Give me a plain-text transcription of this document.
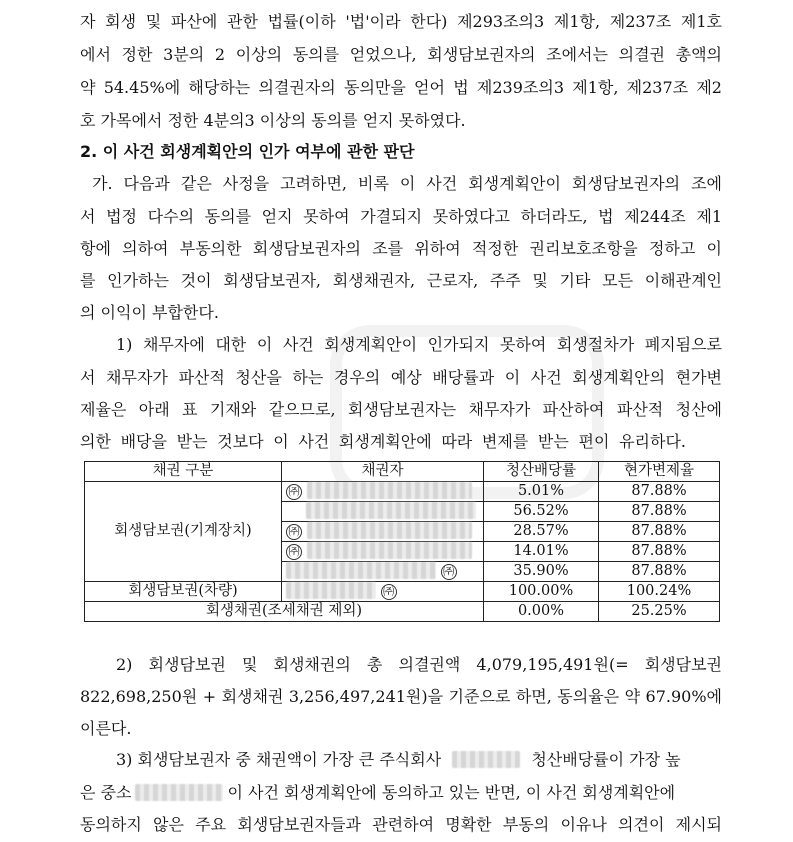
자 회생 및 파산에 관한 법률(이하 '법'이라 한다) 제293조의3 제1항, 제237조 제1호
에서 정한 3분의 2 이상의 동의를 얻었으나, 회생담보권자의 조에서는 의결권 총액의
약 54.45%에 해당하는 의결권자의 동의만을 얻어 법 제239조의3 제1항, 제237조 제2
호 가목에서 정한 4분의3 이상의 동의를 얻지 못하였다.
2. 이 사건 회생계획안의 인가 여부에 관한 판단
가. 다음과 같은 사정을 고려하면, 비록 이 사건 회생계획안이 회생담보권자의 조에
서 법정 다수의 동의를 얻지 못하여 가결되지 못하였다고 하더라도, 법 제244조 제1
항에 의하여 부동의한 회생담보권자의 조를 위하여 적정한 권리보호조항을 정하고 이
를 인가하는 것이 회생담보권자, 회생채권자, 근로자, 주주 및 기타 모든 이해관계인
의 이익이 부합한다.
1) 채무자에 대한 이 사건 회생계획안이 인가되지 못하여 회생절차가 폐지됨으로
서 채무자가 파산적 청산을 하는 경우의 예상 배당률과 이 사건 회생계획안의 현가변
제율은 아래 표 기재와 같으므로, 회생담보권자는 채무자가 파산하여 파산적 청산에
의한 배당을 받는 것보다 이 사건 회생계획안에 따라 변제를 받는 편이 유리하다.
채권 구분	채권자	청산배당률	현가변제율
회생담보권(기계장치)	㈜	5.01%	87.88%
		56.52%	87.88%
	㈜	28.57%	87.88%
	㈜	14.01%	87.88%
	㈜	35.90%	87.88%
회생담보권(차량)	㈜	100.00%	100.24%
회생채권(조세채권 제외)		0.00%	25.25%
2) 회생담보권 및 회생채권의 총 의결권액 4,079,195,491원(= 회생담보권
822,698,250원 + 회생채권 3,256,497,241원)을 기준으로 하면, 동의율은 약 67.90%에
이른다.
3) 회생담보권자 중 채권액이 가장 큰 주식회사	청산배당률이 가장 높
은 중소	이 사건 회생계획안에 동의하고 있는 반면, 이 사건 회생계획안에
동의하지 않은 주요 회생담보권자들과 관련하여 명확한 부동의 이유나 의견이 제시되
